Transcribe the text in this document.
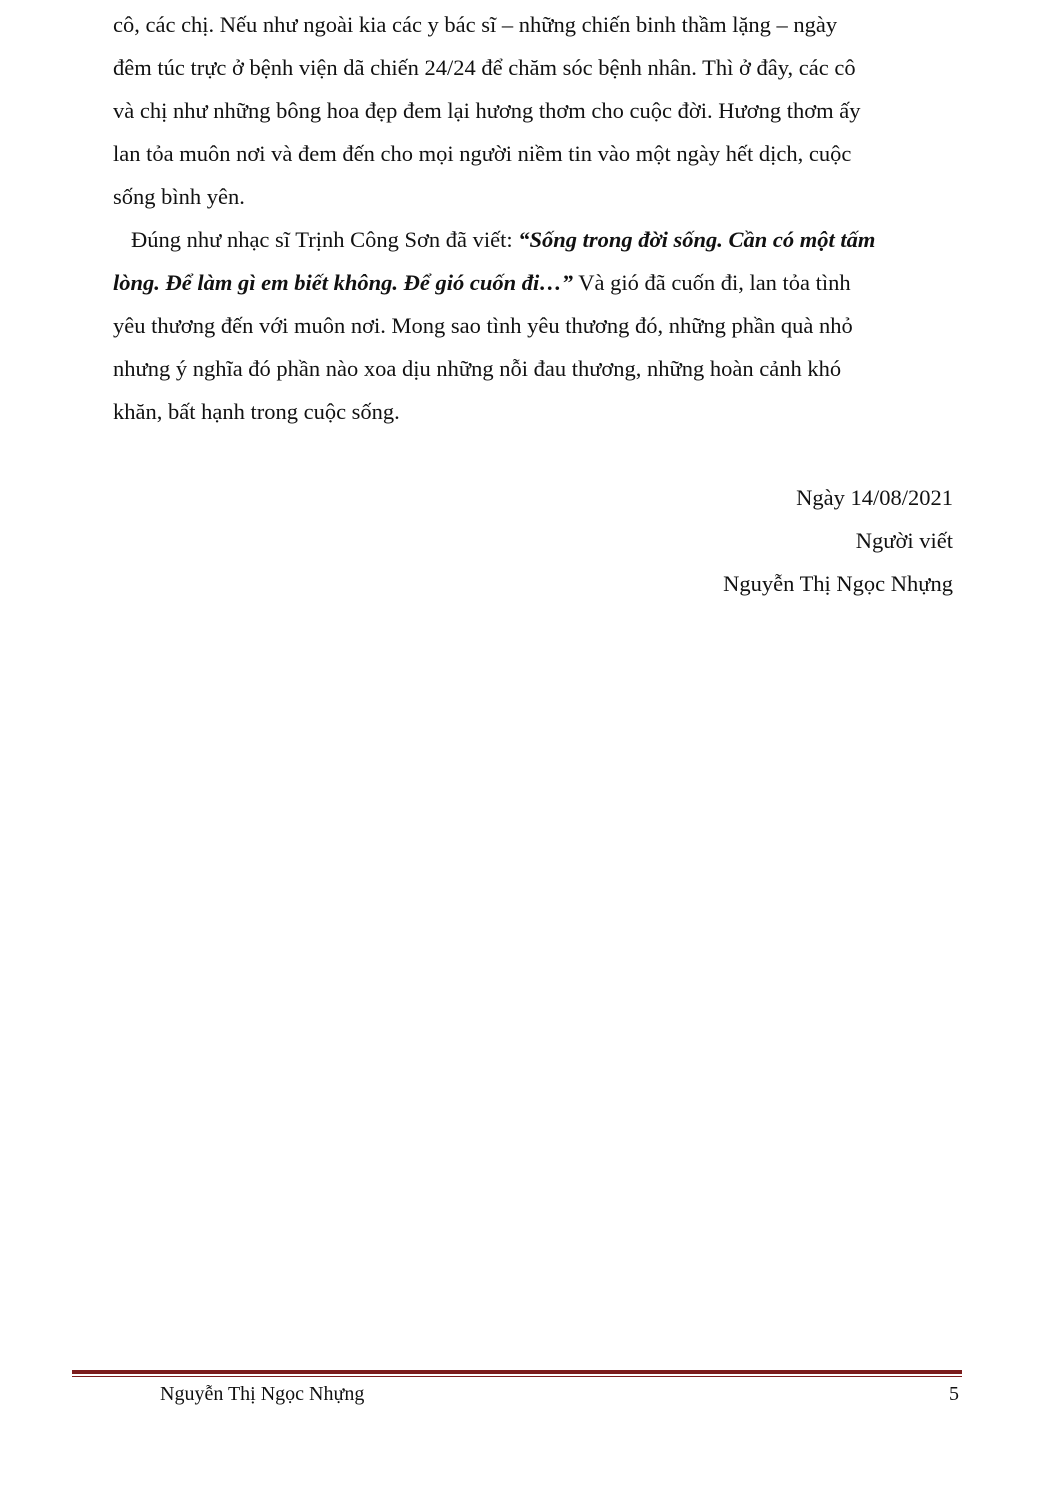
cô, các chị. Nếu như ngoài kia các y bác sĩ – những chiến binh thầm lặng – ngày
đêm túc trực ở bệnh viện dã chiến 24/24 để chăm sóc bệnh nhân. Thì ở đây, các cô
và chị như những bông hoa đẹp đem lại hương thơm cho cuộc đời. Hương thơm ấy
lan tỏa muôn nơi và đem đến cho mọi người niềm tin vào một ngày hết dịch, cuộc
sống bình yên.
Đúng như nhạc sĩ Trịnh Công Sơn đã viết: “Sống trong đời sống. Cần có một tấm
lòng. Để làm gì em biết không. Để gió cuốn đi…” Và gió đã cuốn đi, lan tỏa tình
yêu thương đến với muôn nơi. Mong sao tình yêu thương đó, những phần quà nhỏ
nhưng ý nghĩa đó phần nào xoa dịu những nỗi đau thương, những hoàn cảnh khó
khăn, bất hạnh trong cuộc sống.
Ngày 14/08/2021
Người viết
Nguyễn Thị Ngọc Nhựng
Nguyễn Thị Ngọc Nhựng	5
